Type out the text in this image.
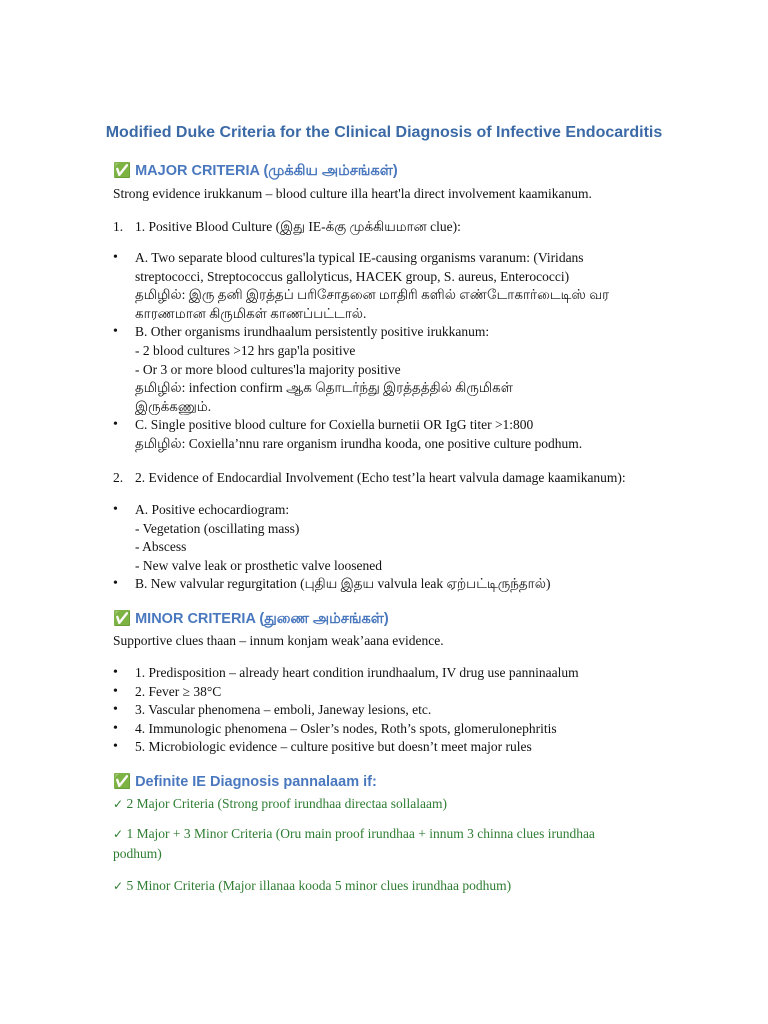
Modified Duke Criteria for the Clinical Diagnosis of Infective Endocarditis
✅ MAJOR CRITERIA (முக்கிய அம்சங்கள்)
Strong evidence irukkanum – blood culture illa heart'la direct involvement kaamikanum.
1. 1. Positive Blood Culture (இது IE-க்கு முக்கியமான clue):
• A. Two separate blood cultures'la typical IE-causing organisms varanum: (Viridans
streptococci, Streptococcus gallolyticus, HACEK group, S. aureus, Enterococci)
தமிழில்: இரு தனி இரத்தப் பரிசோதனை மாதிரி களில் எண்டோகார்டைடிஸ் வர
காரணமான கிருமிகள் காணப்பட்டால்.
• B. Other organisms irundhaalum persistently positive irukkanum:
- 2 blood cultures >12 hrs gap'la positive
- Or 3 or more blood cultures'la majority positive
தமிழில்: infection confirm ஆக தொடர்ந்து இரத்தத்தில் கிருமிகள்
இருக்கணும்.
• C. Single positive blood culture for Coxiella burnetii OR IgG titer >1:800
தமிழில்: Coxiella’nnu rare organism irundha kooda, one positive culture podhum.
2. 2. Evidence of Endocardial Involvement (Echo test’la heart valvula damage kaamikanum):
• A. Positive echocardiogram:
- Vegetation (oscillating mass)
- Abscess
- New valve leak or prosthetic valve loosened
• B. New valvular regurgitation (புதிய இதய valvula leak ஏற்பட்டிருந்தால்)
✅ MINOR CRITERIA (துணை அம்சங்கள்)
Supportive clues thaan – innum konjam weak’aana evidence.
• 1. Predisposition – already heart condition irundhaalum, IV drug use panninaalum
• 2. Fever ≥ 38°C
• 3. Vascular phenomena – emboli, Janeway lesions, etc.
• 4. Immunologic phenomena – Osler’s nodes, Roth’s spots, glomerulonephritis
• 5. Microbiologic evidence – culture positive but doesn’t meet major rules
✅ Definite IE Diagnosis pannalaam if:
✓ 2 Major Criteria (Strong proof irundhaa directaa sollalaam)
✓ 1 Major + 3 Minor Criteria (Oru main proof irundhaa + innum 3 chinna clues irundhaa podhum)
✓ 5 Minor Criteria (Major illanaa kooda 5 minor clues irundhaa podhum)
